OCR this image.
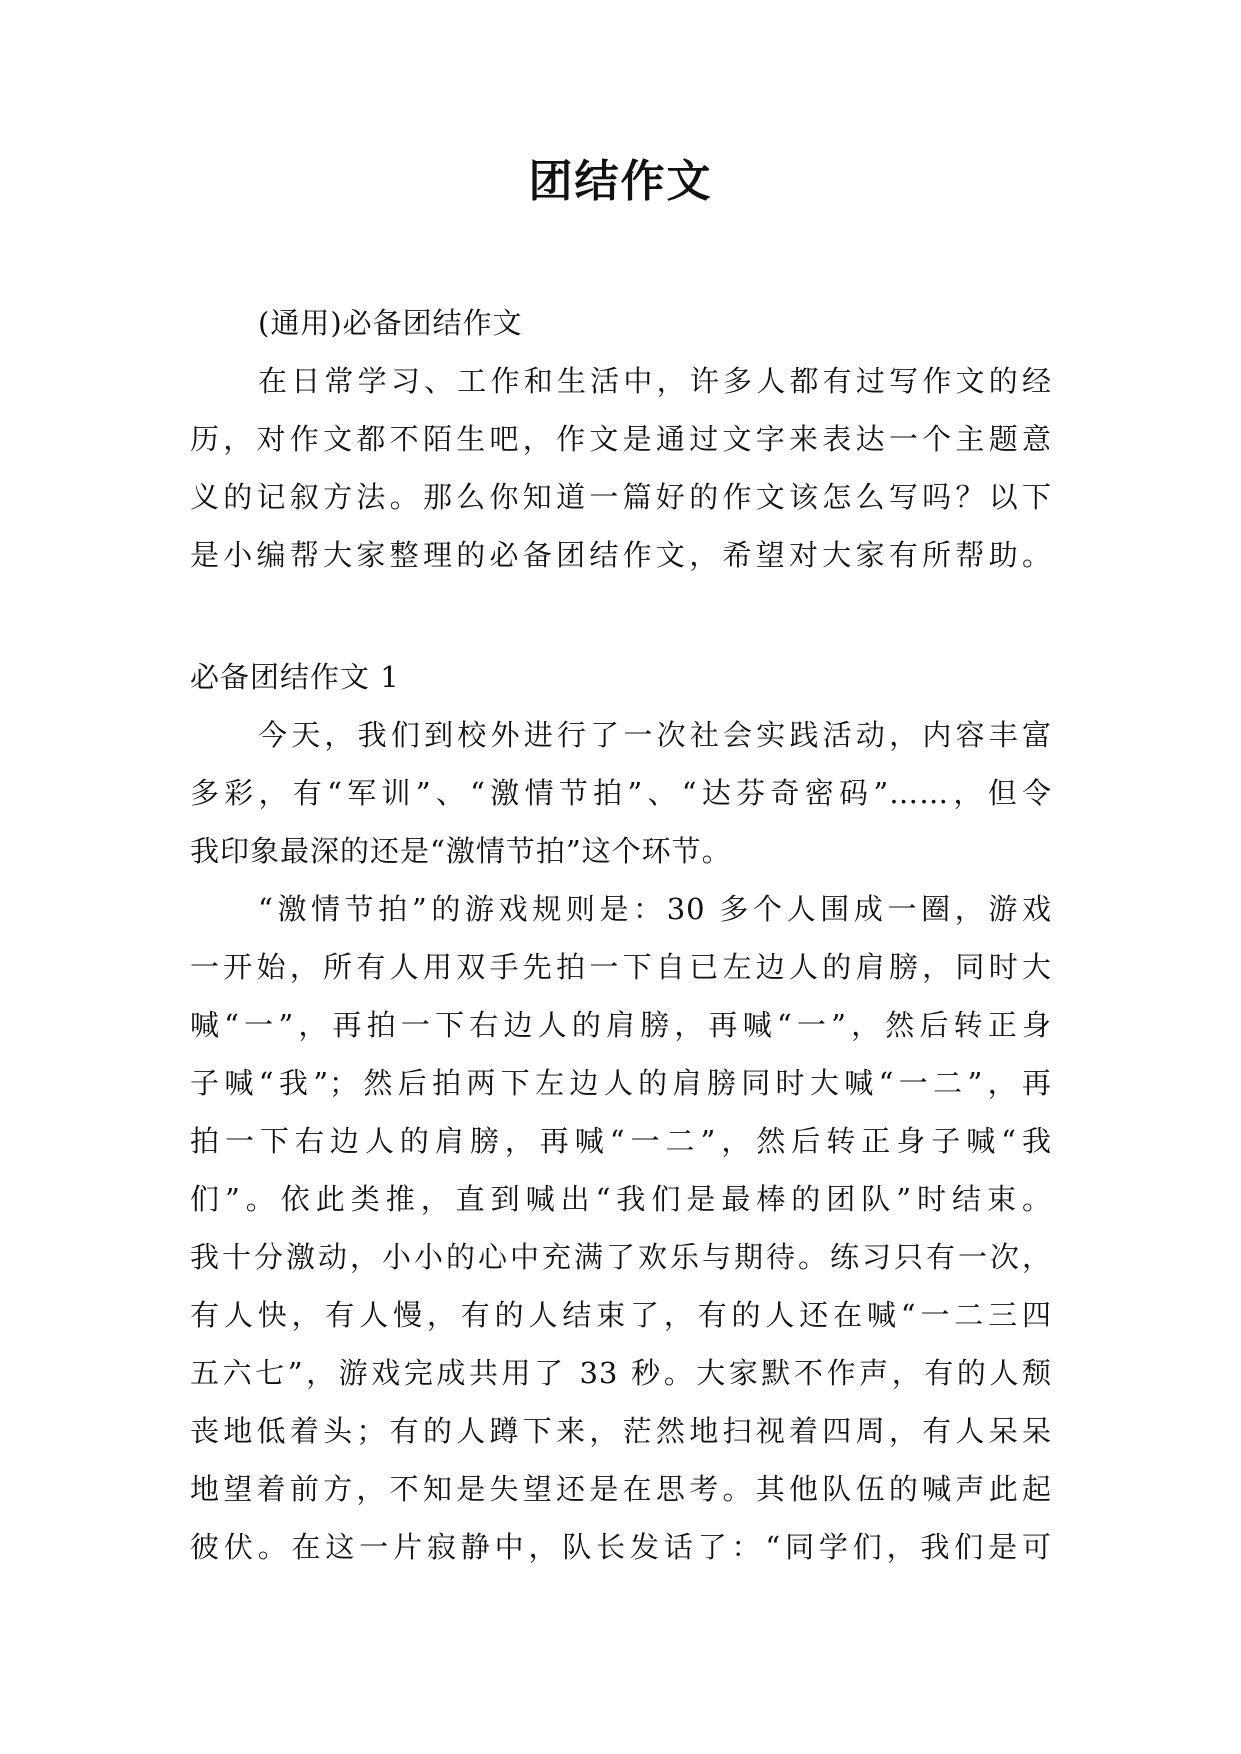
团结作文
(通用)必备团结作文
在日常学习、工作和生活中，许多人都有过写作文的经
历，对作文都不陌生吧，作文是通过文字来表达一个主题意
义的记叙方法。那么你知道一篇好的作文该怎么写吗？以下
是小编帮大家整理的必备团结作文，希望对大家有所帮助。
必备团结作文 1
今天，我们到校外进行了一次社会实践活动，内容丰富
多彩，有“军训”、“激情节拍”、“达芬奇密码”……，但令
我印象最深的还是“激情节拍”这个环节。
“激情节拍”的游戏规则是：30 多个人围成一圈，游戏
一开始，所有人用双手先拍一下自已左边人的肩膀，同时大
喊“一”，再拍一下右边人的肩膀，再喊“一”，然后转正身
子喊“我”；然后拍两下左边人的肩膀同时大喊“一二”，再
拍一下右边人的肩膀，再喊“一二”，然后转正身子喊“我
们”。依此类推，直到喊出“我们是最棒的团队”时结束。
我十分激动，小小的心中充满了欢乐与期待。练习只有一次，
有人快，有人慢，有的人结束了，有的人还在喊“一二三四
五六七”，游戏完成共用了 33 秒。大家默不作声，有的人颓
丧地低着头；有的人蹲下来，茫然地扫视着四周，有人呆呆
地望着前方，不知是失望还是在思考。其他队伍的喊声此起
彼伏。在这一片寂静中，队长发话了：“同学们，我们是可
